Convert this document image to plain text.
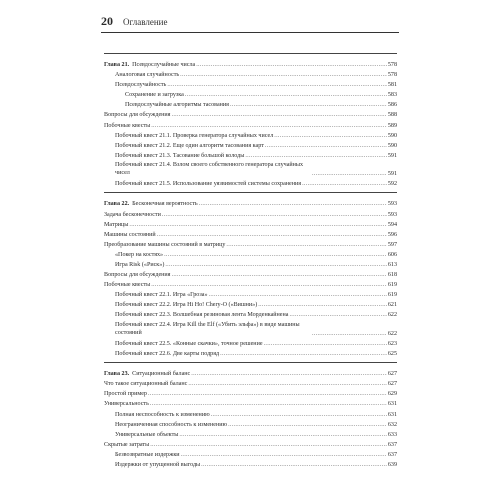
20 Оглавление
Глава 21. Псевдослучайные числа .....	578
Аналоговая случайность .....	578
Псевдослучайность .....	581
Сохранение и загрузка .....	583
Псевдослучайные алгоритмы тасования .....	586
Вопросы для обсуждения .....	588
Побочные квесты .....	589
Побочный квест 21.1. Проверка генератора случайных чисел .....	590
Побочный квест 21.2. Еще один алгоритм тасования карт .....	590
Побочный квест 21.3. Тасование большой колоды .....	591
Побочный квест 21.4. Взлом своего собственного генератора случайных чисел .....	591
Побочный квест 21.5. Использование уязвимостей системы сохранения .....	592
Глава 22. Бесконечная вероятность .....	593
Задача бесконечности .....	593
Матрицы .....	594
Машины состояний .....	596
Преобразование машины состояний в матрицу .....	597
«Покер на костях» .....	606
Игра Risk («Риск») .....	613
Вопросы для обсуждения .....	618
Побочные квесты .....	619
Побочный квест 22.1. Игра «Гроза» .....	619
Побочный квест 22.2. Игра Hi Ho! Chery-O («Вишни») .....	621
Побочный квест 22.3. Волшебная резиновая лента Морденкайнена .....	622
Побочный квест 22.4. Игра Kill the Elf («Убить эльфа») в виде машины состояний .....	622
Побочный квест 22.5. «Конные скачки», точное решение .....	623
Побочный квест 22.6. Две карты подряд .....	625
Глава 23. Ситуационный баланс .....	627
Что такое ситуационный баланс .....	627
Простой пример .....	629
Универсальность .....	631
Полная неспособность к изменению .....	631
Неограниченная способность к изменению .....	632
Универсальные объекты .....	633
Скрытые затраты .....	637
Безвозвратные издержки .....	637
Издержки от упущенной выгоды .....	639
